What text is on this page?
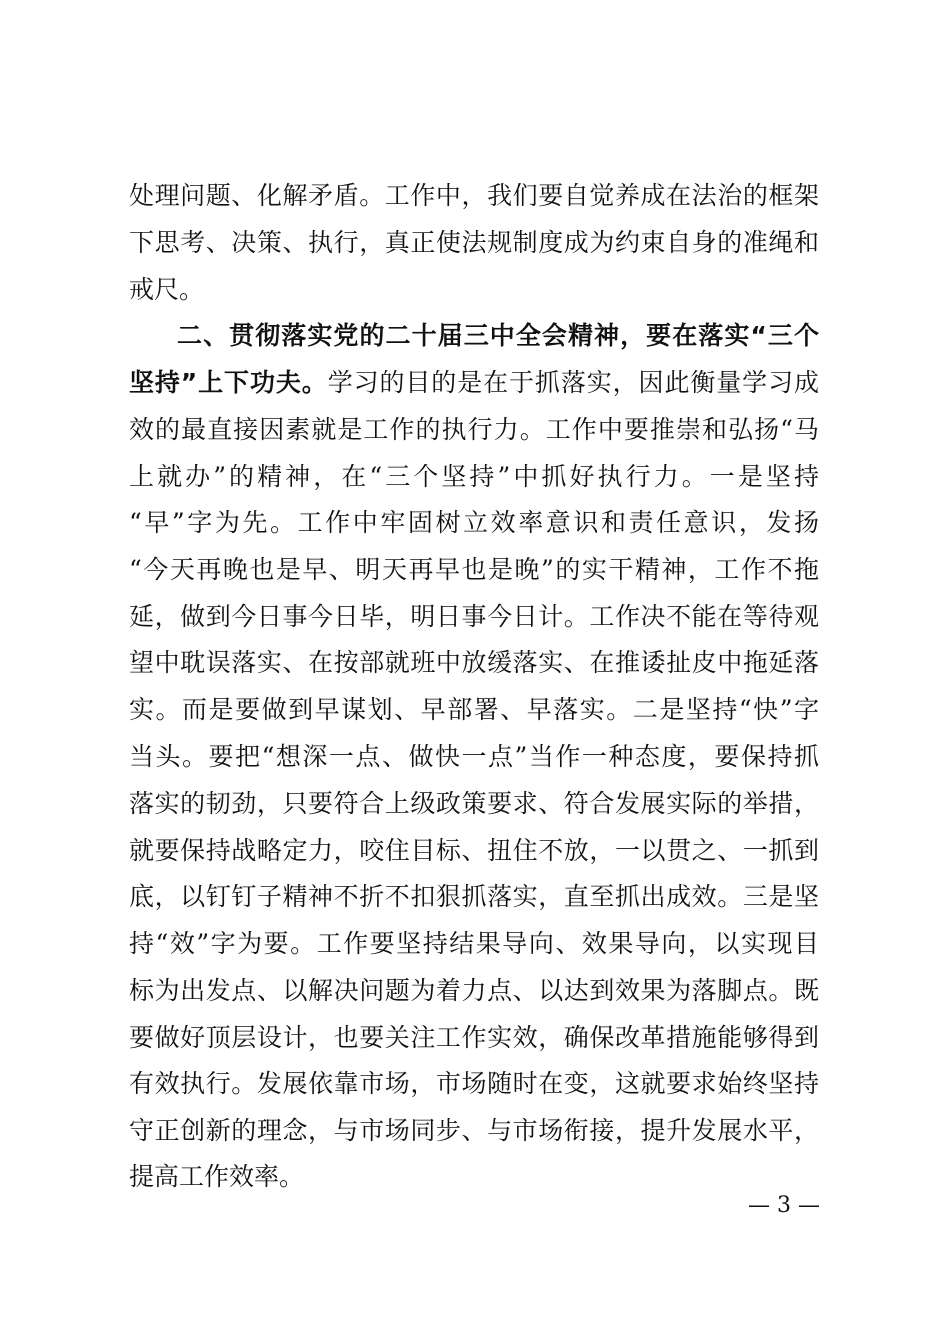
处理问题、化解矛盾。工作中，我们要自觉养成在法治的框架
下思考、决策、执行，真正使法规制度成为约束自身的准绳和
戒尺。
二、贯彻落实党的二十届三中全会精神，要在落实“三个
坚持”上下功夫。学习的目的是在于抓落实，因此衡量学习成
效的最直接因素就是工作的执行力。工作中要推崇和弘扬“马
上就办”的精神，在“三个坚持”中抓好执行力。一是坚持
“早”字为先。工作中牢固树立效率意识和责任意识，发扬
“今天再晚也是早、明天再早也是晚”的实干精神，工作不拖
延，做到今日事今日毕，明日事今日计。工作决不能在等待观
望中耽误落实、在按部就班中放缓落实、在推诿扯皮中拖延落
实。而是要做到早谋划、早部署、早落实。二是坚持“快”字
当头。要把“想深一点、做快一点”当作一种态度，要保持抓
落实的韧劲，只要符合上级政策要求、符合发展实际的举措，
就要保持战略定力，咬住目标、扭住不放，一以贯之、一抓到
底，以钉钉子精神不折不扣狠抓落实，直至抓出成效。三是坚
持“效”字为要。工作要坚持结果导向、效果导向，以实现目
标为出发点、以解决问题为着力点、以达到效果为落脚点。既
要做好顶层设计，也要关注工作实效，确保改革措施能够得到
有效执行。发展依靠市场，市场随时在变，这就要求始终坚持
守正创新的理念，与市场同步、与市场衔接，提升发展水平，
提高工作效率。
— 3 —
